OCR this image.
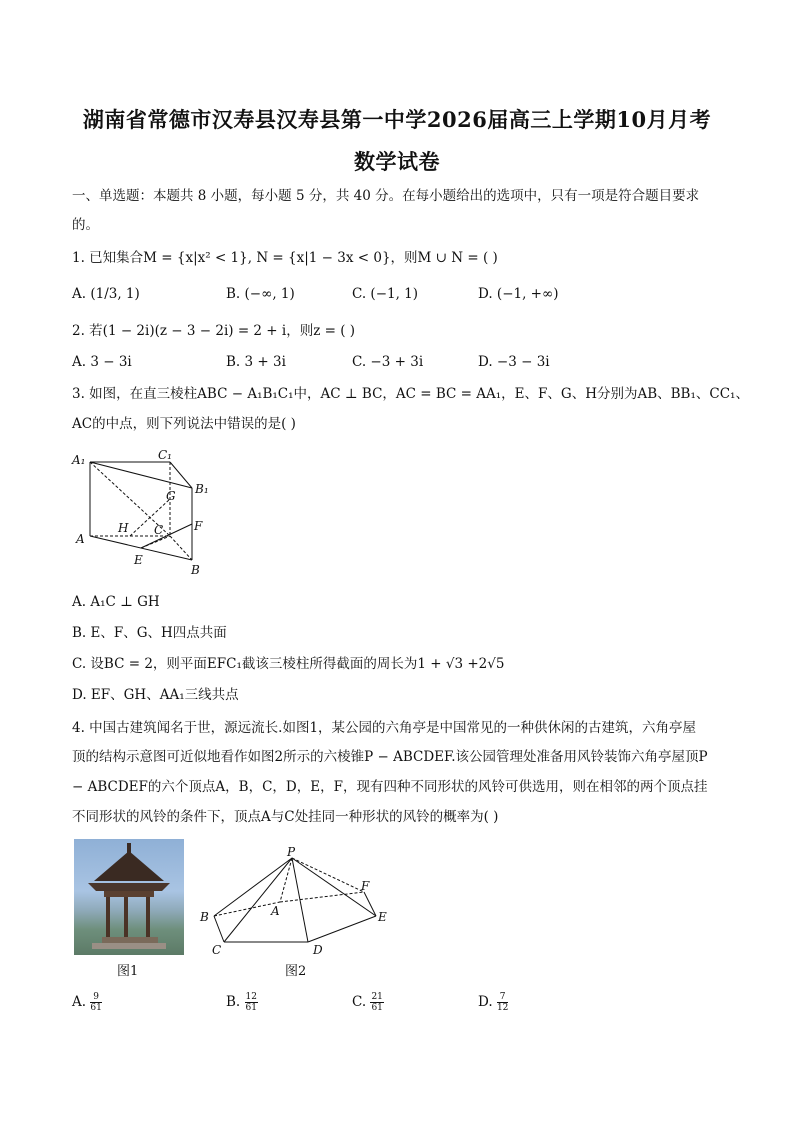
湖南省常德市汉寿县汉寿县第一中学2026届高三上学期10月月考
数学试卷
一、单选题：本题共 8 小题，每小题 5 分，共 40 分。在每小题给出的选项中，只有一项是符合题目要求
的。
1. 已知集合M = {x|x² < 1}, N = {x|1 − 3x < 0}，则M ∪ N = ( )
A. (1/3, 1)	B. (−∞, 1)	C. (−1, 1)	D. (−1, +∞)
2. 若(1 − 2i)(z − 3 − 2i) = 2 + i，则z = ( )
A. 3 − 3i	B. 3 + 3i	C. −3 + 3i	D. −3 − 3i
3. 如图，在直三棱柱ABC − A₁B₁C₁中，AC ⊥ BC，AC = BC = AA₁，E、F、G、H分别为AB、BB₁、CC₁、
AC的中点，则下列说法中错误的是( )
A₁	C₁
B₁
G
H C	F
A
E
B
A. A₁C ⊥ GH
B. E、F、G、H四点共面
C. 设BC = 2，则平面EFC₁截该三棱柱所得截面的周长为1 + √3 +2√5
D. EF、GH、AA₁三线共点
4. 中国古建筑闻名于世，源远流长.如图1，某公园的六角亭是中国常见的一种供休闲的古建筑，六角亭屋
顶的结构示意图可近似地看作如图2所示的六棱锥P − ABCDEF.该公园管理处准备用风铃装饰六角亭屋顶P
− ABCDEF的六个顶点A，B，C，D，E，F，现有四种不同形状的风铃可供选用，则在相邻的两个顶点挂
不同形状的风铃的条件下，顶点A与C处挂同一种形状的风铃的概率为( )
图1
P
F
A
B	E
C	D
图2
A. $\frac{9}{61}$	B. $\frac{12}{61}$	C. $\frac{21}{61}$	D. $\frac{7}{12}$
